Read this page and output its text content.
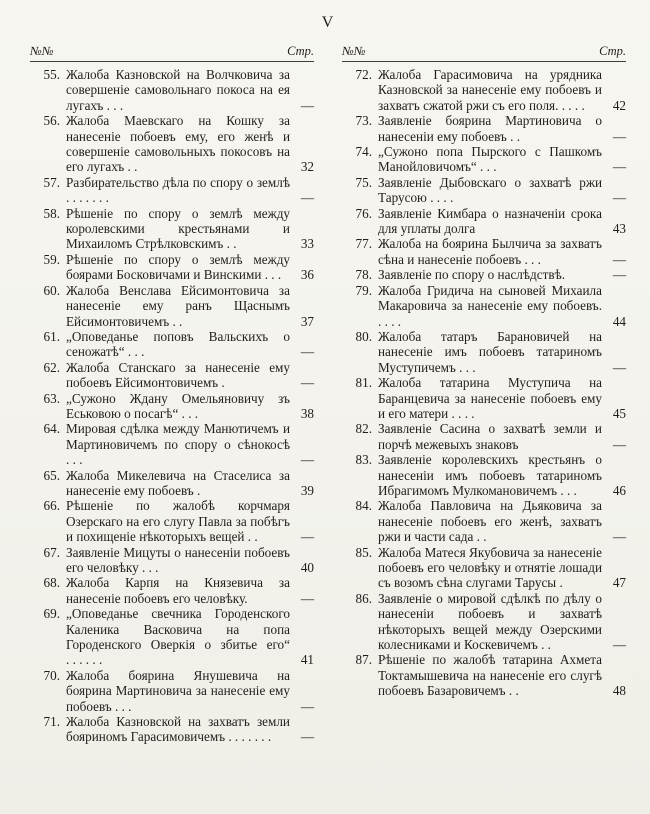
V
№№	Стр.
55. Жалоба Казновской на Волчковича за совершеніе самовольнаго покоса на ея лугахъ . . .	—
56. Жалоба Маевскаго на Кошку за нанесеніе побоевъ ему, его женѣ и совершеніе самовольныхъ покосовъ на его лугахъ . .	32
57. Разбирательство дѣла по спору о землѣ . . . . . . .	—
58. Рѣшеніе по спору о землѣ между королевскими крестьянами и Михаиломъ Стрѣлковскимъ . .	33
59. Рѣшеніе по спору о землѣ между боярами Босковичами и Винскими . . .	36
60. Жалоба Венслава Ейсимонтовича за нанесеніе ему ранъ Щаснымъ Ейсимонтовичемъ . .	37
61. „Оповеданье поповъ Вальскихъ о сеножатѣ“ . . .	—
62. Жалоба Станскаго за нанесеніе ему побоевъ Ейсимонтовичемъ .	—
63. „Сужоно Ждану Омельяновичу зъ Еськовою о посагѣ“ . . .	38
64. Мировая сдѣлка между Манютичемъ и Мартиновичемъ по спору о сѣнокосѣ . . .	—
65. Жалоба Микелевича на Стаселиса за нанесеніе ему побоевъ .	39
66. Рѣшеніе по жалобѣ корчмаря Озерскаго на его слугу Павла за побѣгъ и похищеніе нѣкоторыхъ вещей . .	—
67. Заявленіе Мицуты о нанесеніи побоевъ его человѣку . . .	40
68. Жалоба Карпя на Князевича за нанесеніе побоевъ его человѣку.	—
69. „Оповеданье свечника Городенского Каленика Васковича на попа Городенского Оверкія о збитье его“ . . . . . .	41
70. Жалоба боярина Янушевича на боярина Мартиновича за нанесеніе ему побоевъ . . .	—
71. Жалоба Казновской на захватъ земли бояриномъ Гарасимовичемъ . . . . . . .	—
№№	Стр.
72. Жалоба Гарасимовича на урядника Казновской за нанесеніе ему побоевъ и захватъ сжатой ржи съ его поля. . . . .	42
73. Заявленіе боярина Мартиновича о нанесеніи ему побоевъ . .	—
74. „Сужоно попа Пырского с Пашкомъ Манойловичомъ“ . . .	—
75. Заявленіе Дыбовскаго о захватѣ ржи Тарусою . . . .	—
76. Заявленіе Кимбара о назначеніи срока для уплаты долга	43
77. Жалоба на боярина Былчича за захватъ сѣна и нанесеніе побоевъ . . .	—
78. Заявленіе по спору о наслѣдствѣ.	—
79. Жалоба Гридича на сыновей Михаила Макаровича за нанесеніе ему побоевъ. . . . .	44
80. Жалоба татаръ Барановичей на нанесеніе имъ побоевъ татариномъ Муступичемъ . . .	—
81. Жалоба татарина Муступича на Баранцевича за нанесеніе побоевъ ему и его матери . . . .	45
82. Заявленіе Сасина о захватѣ земли и порчѣ межевыхъ знаковъ	—
83. Заявленіе королевскихъ крестьянъ о нанесеніи имъ побоевъ татариномъ Ибрагимомъ Мулкомановичемъ . . .	46
84. Жалоба Павловича на Дьяковича за нанесеніе побоевъ его женѣ, захватъ ржи и части сада . .	—
85. Жалоба Матеся Якубовича за нанесеніе побоевъ его человѣку и отнятіе лошади съ возомъ сѣна слугами Тарусы .	47
86. Заявленіе о мировой сдѣлкѣ по дѣлу о нанесеніи побоевъ и захватѣ нѣкоторыхъ вещей между Озерскими колесниками и Коскевичемъ . .	—
87. Рѣшеніе по жалобѣ татарина Ахмета Токтамышевича на нанесеніе его слугѣ побоевъ Базаровичемъ . .	48
